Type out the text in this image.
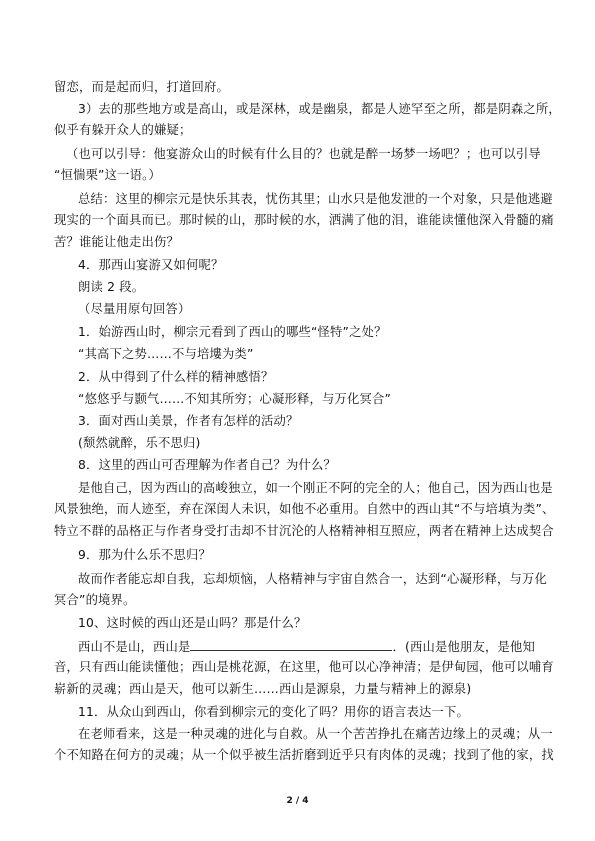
留恋，而是起而归，打道回府。
3）去的那些地方或是高山，或是深林，或是幽泉，都是人迹罕至之所，都是阴森之所，
似乎有躲开众人的嫌疑；
（也可以引导：他宴游众山的时候有什么目的？也就是醉一场梦一场吧？；也可以引导
“恒惴栗”这一语。）
总结：这里的柳宗元是快乐其表，忧伤其里；山水只是他发泄的一个对象，只是他逃避
现实的一个面具而已。那时候的山，那时候的水，洒满了他的泪，谁能读懂他深入骨髓的痛
苦？谁能让他走出伤？
4．那西山宴游又如何呢？
朗读 2 段。
（尽量用原句回答）
1．始游西山时，柳宗元看到了西山的哪些“怪特”之处？
“其高下之势……不与培塿为类”
2．从中得到了什么样的精神感悟？
“悠悠乎与颢气……不知其所穷；心凝形释，与万化冥合”
3．面对西山美景，作者有怎样的活动？
(颓然就醉，乐不思归)
8．这里的西山可否理解为作者自己？为什么？
是他自己，因为西山的高峻独立，如一个刚正不阿的完全的人；他自己，因为西山也是
风景独绝，而人迹至，弃在深闺人未识，如他不必重用。自然中的西山其“不与培填为类”、
特立不群的品格正与作者身受打击却不甘沉沦的人格精神相互照应，两者在精神上达成契合
9．那为什么乐不思归？
故而作者能忘却自我，忘却烦恼，人格精神与宇宙自然合一，达到“心凝形释，与万化
冥合”的境界。
10、这时候的西山还是山吗？那是什么？
西山不是山，西山是	．(西山是他朋友，是他知
音，只有西山能读懂他；西山是桃花源，在这里，他可以心净神清；是伊甸园，他可以哺育
崭新的灵魂；西山是天，他可以新生……西山是源泉，力量与精神上的源泉)
11．从众山到西山，你看到柳宗元的变化了吗？用你的语言表达一下。
在老师看来，这是一种灵魂的进化与自救。从一个苦苦挣扎在痛苦边缘上的灵魂；从一
个不知路在何方的灵魂；从一个似乎被生活折磨到近乎只有肉体的灵魂；找到了他的家，找
2 / 4
